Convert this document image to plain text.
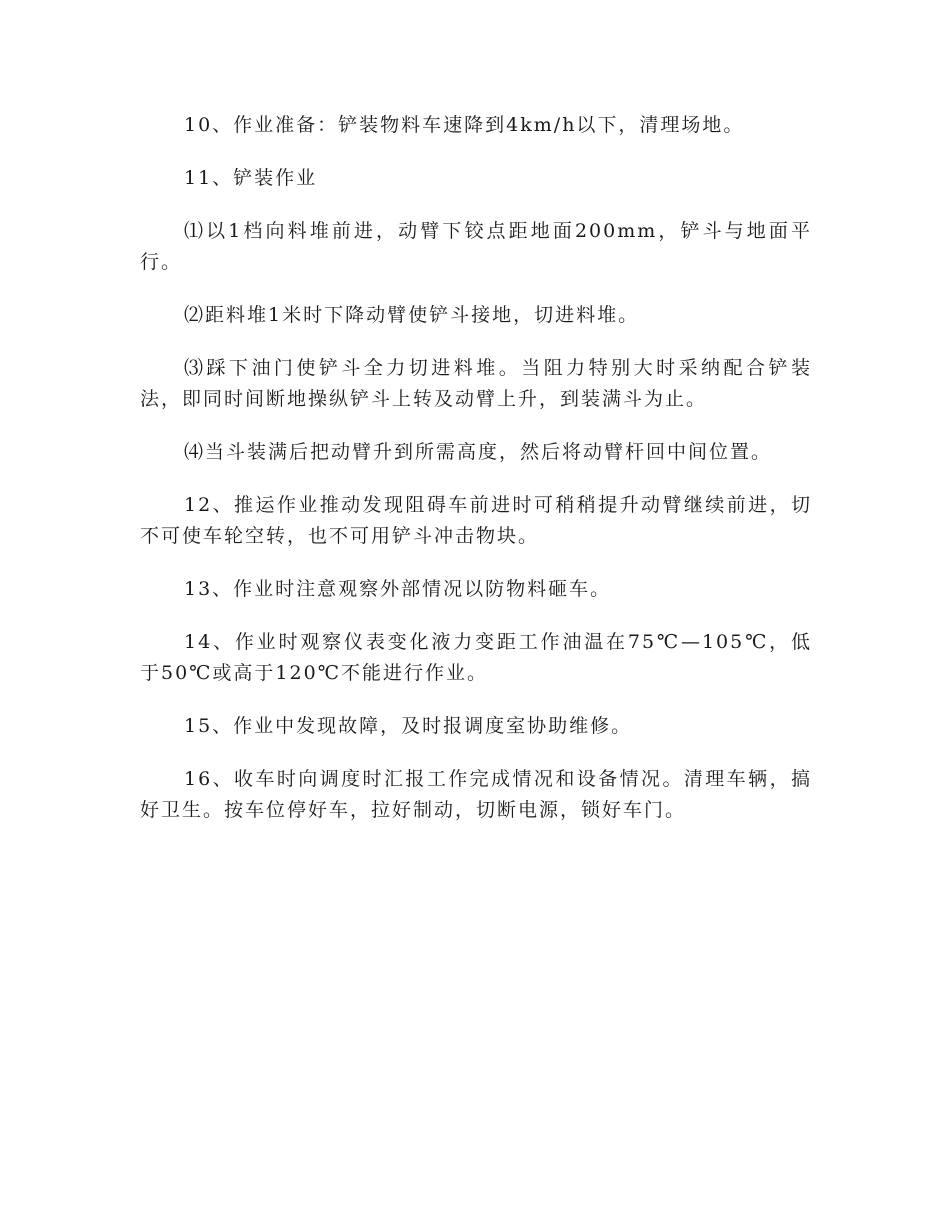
10、作业准备：铲装物料车速降到4km/h以下，清理场地。

11、铲装作业

⑴以1档向料堆前进，动臂下铰点距地面200mm，铲斗与地面平行。

⑵距料堆1米时下降动臂使铲斗接地，切进料堆。

⑶踩下油门使铲斗全力切进料堆。当阻力特别大时采纳配合铲装法，即同时间断地操纵铲斗上转及动臂上升，到装满斗为止。

⑷当斗装满后把动臂升到所需高度，然后将动臂杆回中间位置。

12、推运作业推动发现阻碍车前进时可稍稍提升动臂继续前进，切不可使车轮空转，也不可用铲斗冲击物块。

13、作业时注意观察外部情况以防物料砸车。

14、作业时观察仪表变化液力变距工作油温在75℃—105℃，低于50℃或高于120℃不能进行作业。

15、作业中发现故障，及时报调度室协助维修。

16、收车时向调度时汇报工作完成情况和设备情况。清理车辆，搞好卫生。按车位停好车，拉好制动，切断电源，锁好车门。
